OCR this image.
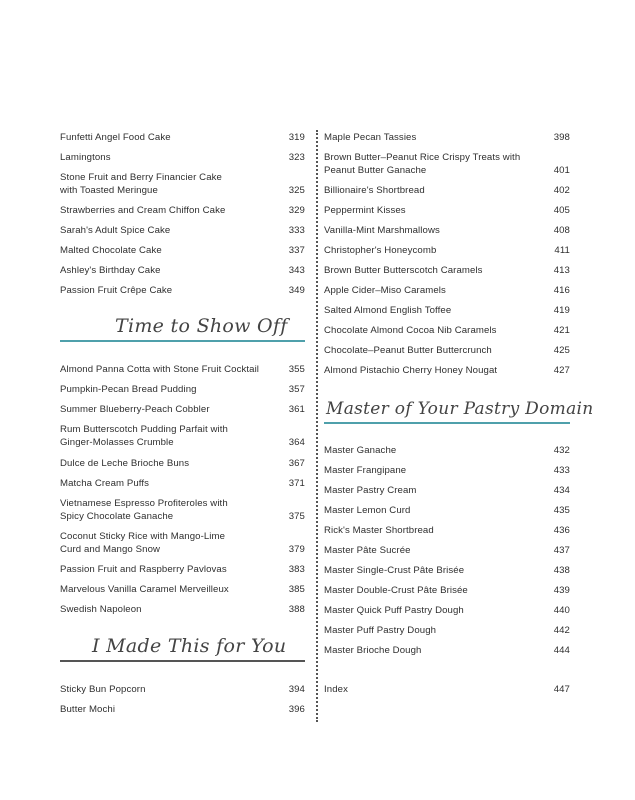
Funfetti Angel Food Cake	319
Lamingtons	323
Stone Fruit and Berry Financier Cake with Toasted Meringue	325
Strawberries and Cream Chiffon Cake	329
Sarah's Adult Spice Cake	333
Malted Chocolate Cake	337
Ashley's Birthday Cake	343
Passion Fruit Crêpe Cake	349
Time to Show Off
Almond Panna Cotta with Stone Fruit Cocktail	355
Pumpkin-Pecan Bread Pudding	357
Summer Blueberry-Peach Cobbler	361
Rum Butterscotch Pudding Parfait with Ginger-Molasses Crumble	364
Dulce de Leche Brioche Buns	367
Matcha Cream Puffs	371
Vietnamese Espresso Profiteroles with Spicy Chocolate Ganache	375
Coconut Sticky Rice with Mango-Lime Curd and Mango Snow	379
Passion Fruit and Raspberry Pavlovas	383
Marvelous Vanilla Caramel Merveilleux	385
Swedish Napoleon	388
I Made This for You
Sticky Bun Popcorn	394
Butter Mochi	396
Maple Pecan Tassies	398
Brown Butter–Peanut Rice Crispy Treats with Peanut Butter Ganache	401
Billionaire's Shortbread	402
Peppermint Kisses	405
Vanilla-Mint Marshmallows	408
Christopher's Honeycomb	411
Brown Butter Butterscotch Caramels	413
Apple Cider–Miso Caramels	416
Salted Almond English Toffee	419
Chocolate Almond Cocoa Nib Caramels	421
Chocolate–Peanut Butter Buttercrunch	425
Almond Pistachio Cherry Honey Nougat	427
Master of Your Pastry Domain
Master Ganache	432
Master Frangipane	433
Master Pastry Cream	434
Master Lemon Curd	435
Rick's Master Shortbread	436
Master Pâte Sucrée	437
Master Single-Crust Pâte Brisée	438
Master Double-Crust Pâte Brisée	439
Master Quick Puff Pastry Dough	440
Master Puff Pastry Dough	442
Master Brioche Dough	444
Index	447
